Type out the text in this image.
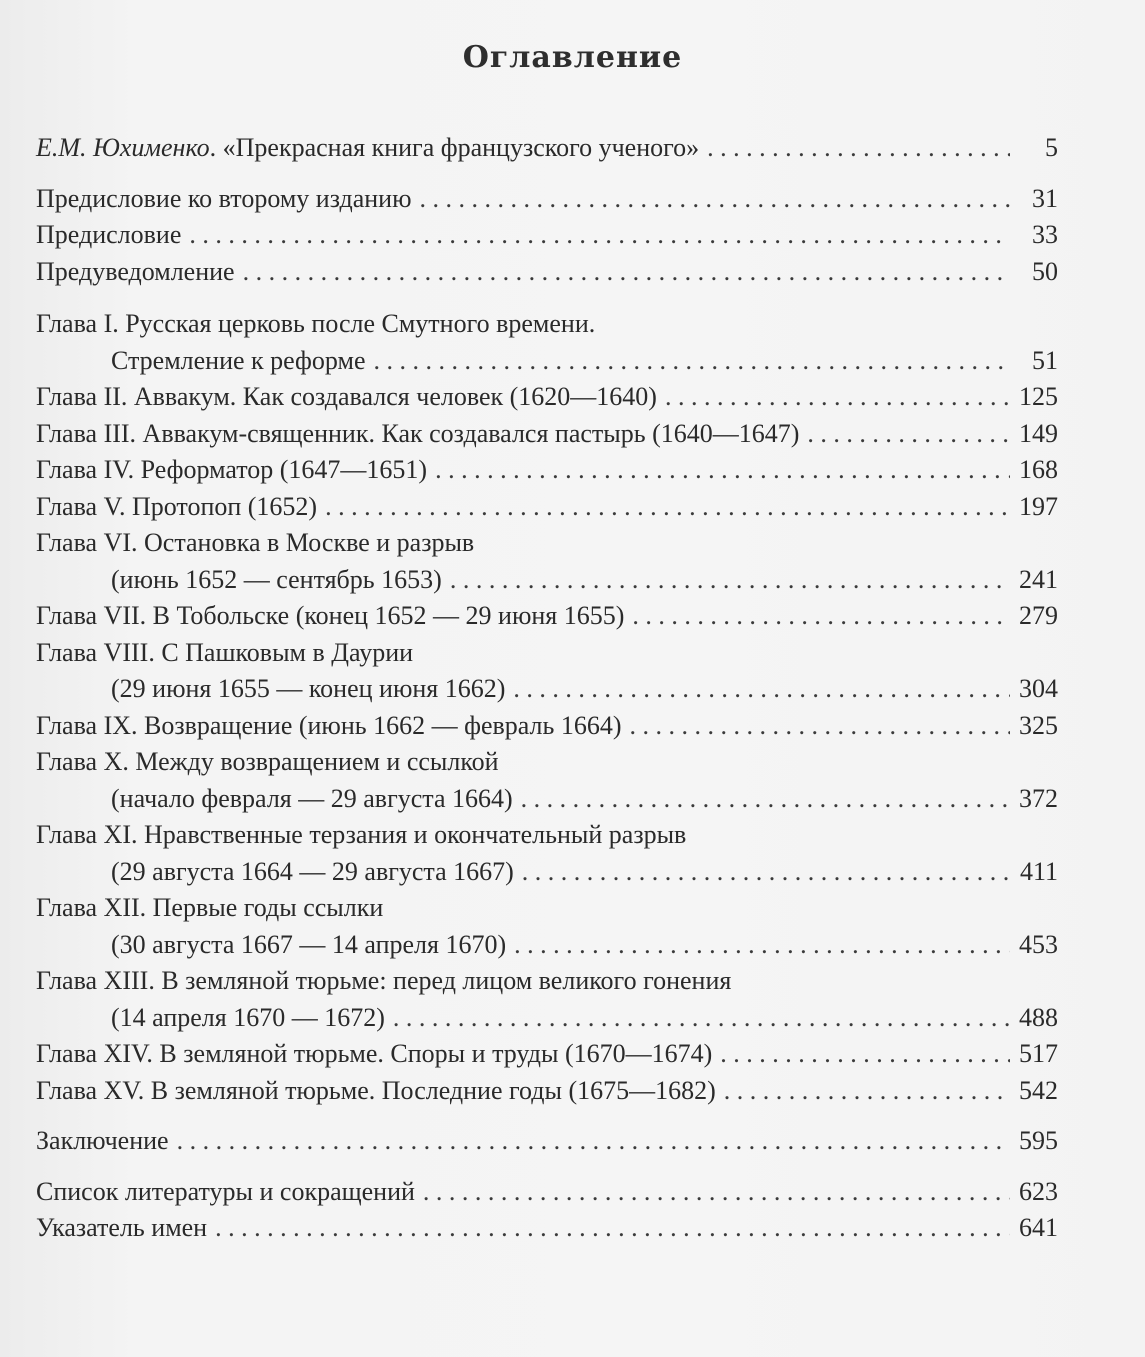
Оглавление
Е.М. Юхименко. «Прекрасная книга французского ученого» . . .	5
Предисловие ко второму изданию . . .	31
Предисловие . . .	33
Предуведомление . . .	50
Глава I. Русская церковь после Смутного времени.
Стремление к реформе . . .	51
Глава II. Аввакум. Как создавался человек (1620—1640) . . .	125
Глава III. Аввакум-священник. Как создавался пастырь (1640—1647) . . .	149
Глава IV. Реформатор (1647—1651) . . .	168
Глава V. Протопоп (1652) . . .	197
Глава VI. Остановка в Москве и разрыв
(июнь 1652 — сентябрь 1653) . . .	241
Глава VII. В Тобольске (конец 1652 — 29 июня 1655) . . .	279
Глава VIII. С Пашковым в Даурии
(29 июня 1655 — конец июня 1662) . . .	304
Глава IX. Возвращение (июнь 1662 — февраль 1664) . . .	325
Глава X. Между возвращением и ссылкой
(начало февраля — 29 августа 1664) . . .	372
Глава XI. Нравственные терзания и окончательный разрыв
(29 августа 1664 — 29 августа 1667) . . .	411
Глава XII. Первые годы ссылки
(30 августа 1667 — 14 апреля 1670) . . .	453
Глава XIII. В земляной тюрьме: перед лицом великого гонения
(14 апреля 1670 — 1672) . . .	488
Глава XIV. В земляной тюрьме. Споры и труды (1670—1674) . . .	517
Глава XV. В земляной тюрьме. Последние годы (1675—1682) . . .	542
Заключение . . .	595
Список литературы и сокращений . . .	623
Указатель имен . . .	641
